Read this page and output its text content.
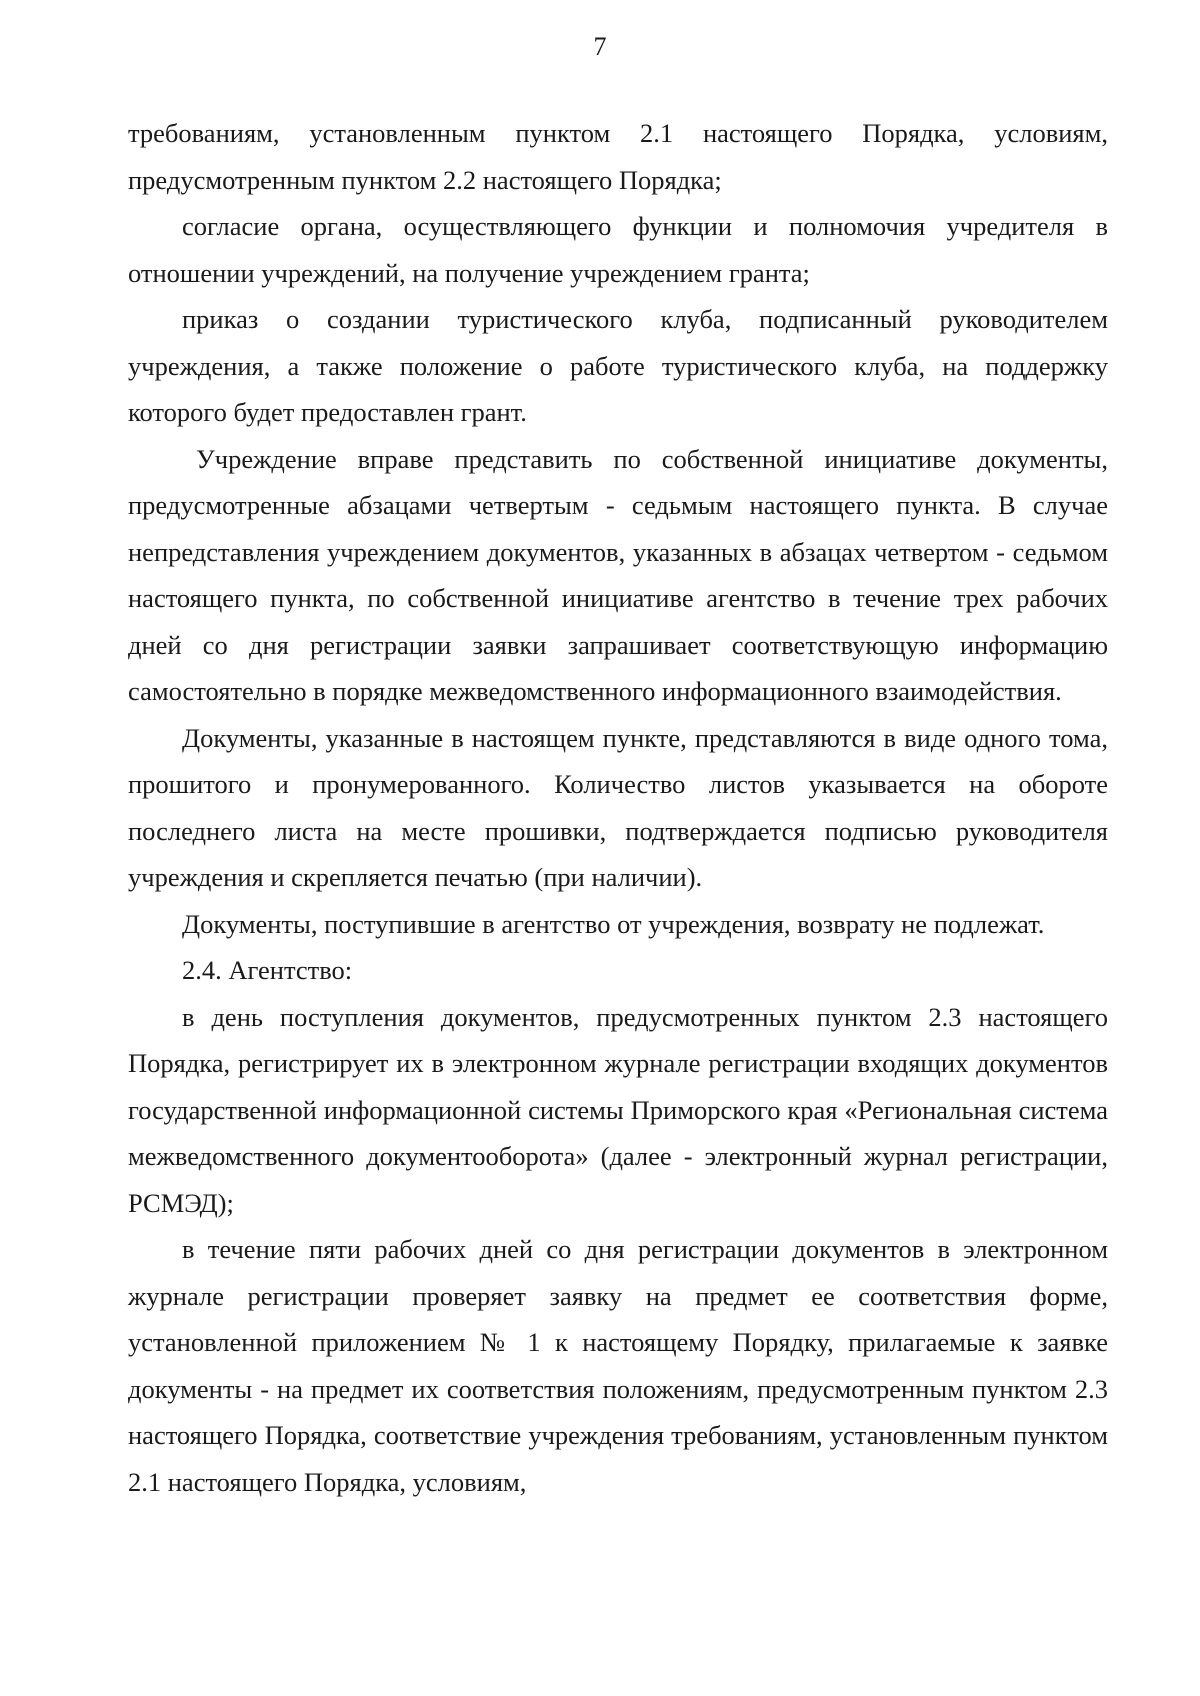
7

требованиям, установленным пунктом 2.1 настоящего Порядка, условиям, предусмотренным пунктом 2.2 настоящего Порядка;

согласие органа, осуществляющего функции и полномочия учредителя в отношении учреждений, на получение учреждением гранта;

приказ о создании туристического клуба, подписанный руководителем учреждения, а также положение о работе туристического клуба, на поддержку которого будет предоставлен грант.

Учреждение вправе представить по собственной инициативе документы, предусмотренные абзацами четвертым - седьмым настоящего пункта. В случае непредставления учреждением документов, указанных в абзацах четвертом - седьмом настоящего пункта, по собственной инициативе агентство в течение трех рабочих дней со дня регистрации заявки запрашивает соответствующую информацию самостоятельно в порядке межведомственного информационного взаимодействия.

Документы, указанные в настоящем пункте, представляются в виде одного тома, прошитого и пронумерованного. Количество листов указывается на обороте последнего листа на месте прошивки, подтверждается подписью руководителя учреждения и скрепляется печатью (при наличии).

Документы, поступившие в агентство от учреждения, возврату не подлежат.

2.4. Агентство:

в день поступления документов, предусмотренных пунктом 2.3 настоящего Порядка, регистрирует их в электронном журнале регистрации входящих документов государственной информационной системы Приморского края «Региональная система межведомственного документооборота» (далее - электронный журнал регистрации, РСМЭД);

в течение пяти рабочих дней со дня регистрации документов в электронном журнале регистрации проверяет заявку на предмет ее соответствия форме, установленной приложением № 1 к настоящему Порядку, прилагаемые к заявке документы - на предмет их соответствия положениям, предусмотренным пунктом 2.3 настоящего Порядка, соответствие учреждения требованиям, установленным пунктом 2.1 настоящего Порядка, условиям,
